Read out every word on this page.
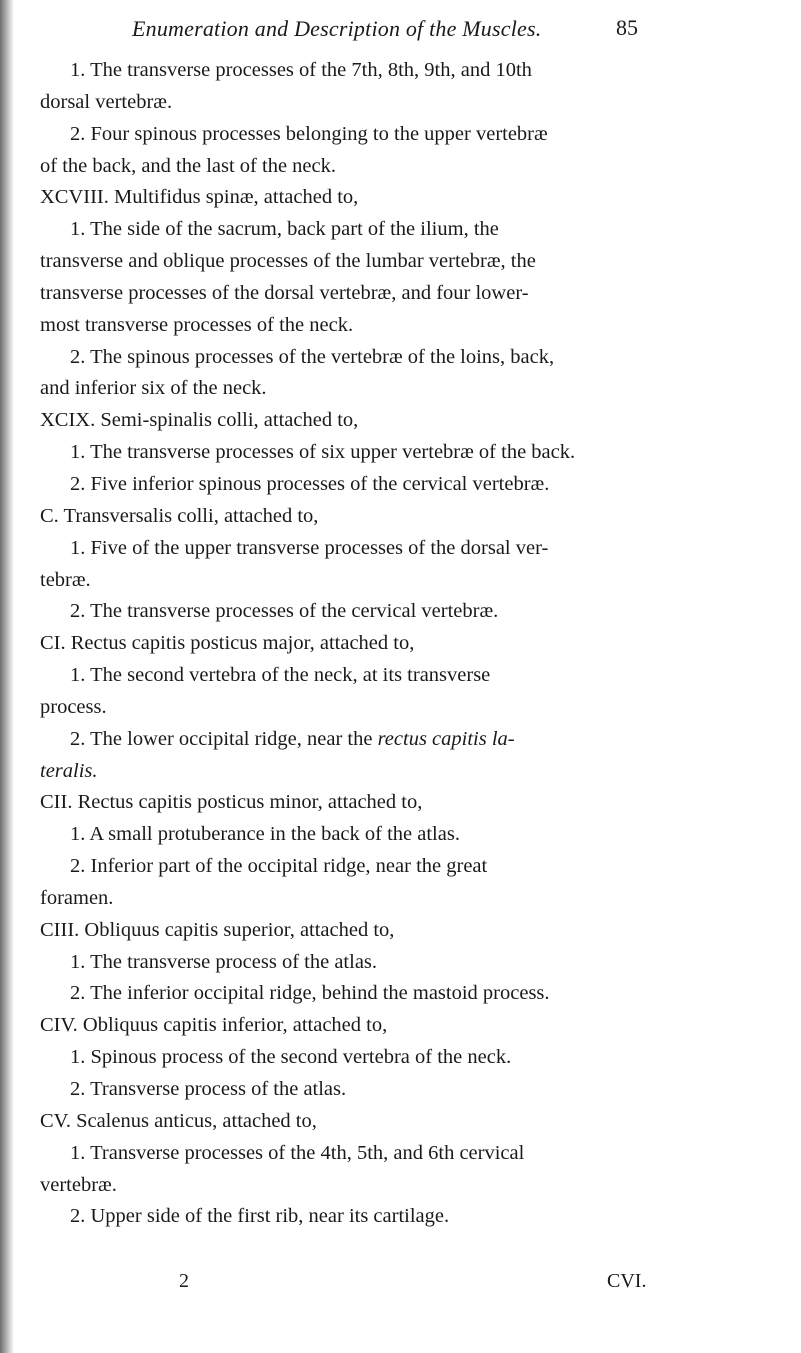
Enumeration and Description of the Muscles.	85
1. The transverse processes of the 7th, 8th, 9th, and 10th
dorsal vertebræ.
2. Four spinous processes belonging to the upper vertebræ
of the back, and the last of the neck.
XCVIII. Multifidus spinæ, attached to,
1. The side of the sacrum, back part of the ilium, the
transverse and oblique processes of the lumbar vertebræ, the
transverse processes of the dorsal vertebræ, and four lower-
most transverse processes of the neck.
2. The spinous processes of the vertebræ of the loins, back,
and inferior six of the neck.
XCIX. Semi-spinalis colli, attached to,
1. The transverse processes of six upper vertebræ of the back.
2. Five inferior spinous processes of the cervical vertebræ.
C. Transversalis colli, attached to,
1. Five of the upper transverse processes of the dorsal ver-
tebræ.
2. The transverse processes of the cervical vertebræ.
CI. Rectus capitis posticus major, attached to,
1. The second vertebra of the neck, at its transverse
process.
2. The lower occipital ridge, near the rectus capitis la-
teralis.
CII. Rectus capitis posticus minor, attached to,
1. A small protuberance in the back of the atlas.
2. Inferior part of the occipital ridge, near the great
foramen.
CIII. Obliquus capitis superior, attached to,
1. The transverse process of the atlas.
2. The inferior occipital ridge, behind the mastoid process.
CIV. Obliquus capitis inferior, attached to,
1. Spinous process of the second vertebra of the neck.
2. Transverse process of the atlas.
CV. Scalenus anticus, attached to,
1. Transverse processes of the 4th, 5th, and 6th cervical
vertebræ.
2. Upper side of the first rib, near its cartilage.
2	CVI.
